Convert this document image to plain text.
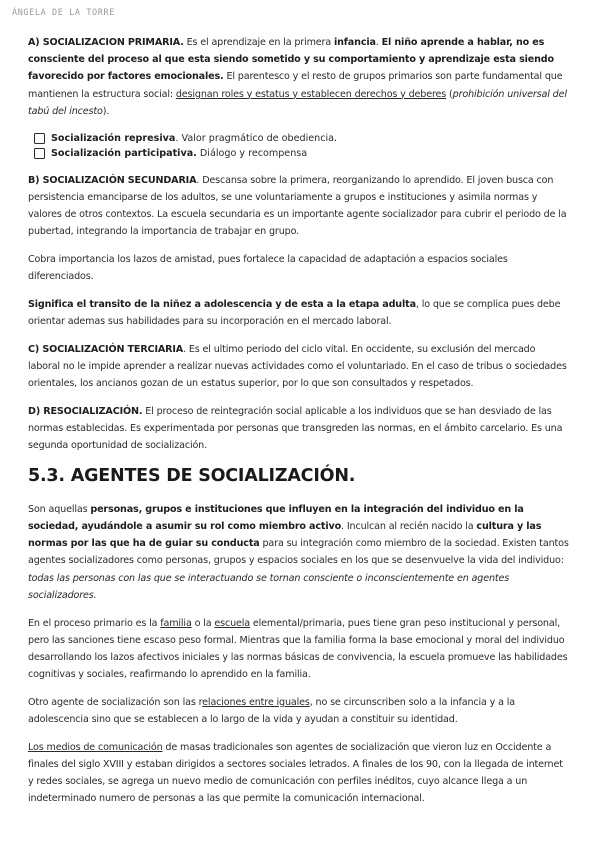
ÁNGELA DE LA TORRE

A) SOCIALIZACION PRIMARIA. Es el aprendizaje en la primera infancia. El niño aprende a hablar, no es consciente del proceso al que esta siendo sometido y su comportamiento y aprendizaje esta siendo favorecido por factores emocionales. El parentesco y el resto de grupos primarios son parte fundamental que mantienen la estructura social: designan roles y estatus y establecen derechos y deberes (prohibición universal del tabú del incesto).

Socialización represiva. Valor pragmático de obediencia.
Socialización participativa. Diálogo y recompensa

B) SOCIALIZACIÓN SECUNDARIA. Descansa sobre la primera, reorganizando lo aprendido. El joven busca con persistencia emanciparse de los adultos, se une voluntariamente a grupos e instituciones y asimila normas y valores de otros contextos. La escuela secundaria es un importante agente socializador para cubrir el periodo de la pubertad, integrando la importancia de trabajar en grupo.

Cobra importancia los lazos de amistad, pues fortalece la capacidad de adaptación a espacios sociales diferenciados.

Significa el transito de la niñez a adolescencia y de esta a la etapa adulta, lo que se complica pues debe orientar ademas sus habilidades para su incorporación en el mercado laboral.

C) SOCIALIZACIÓN TERCIARIA. Es el ultimo periodo del ciclo vital. En occidente, su exclusión del mercado laboral no le impide aprender a realizar nuevas actividades como el voluntariado. En el caso de tribus o sociedades orientales, los ancianos gozan de un estatus superior, por lo que son consultados y respetados.

D) RESOCIALIZACIÓN. El proceso de reintegración social aplicable a los individuos que se han desviado de las normas establecidas. Es experimentada por personas que transgreden las normas, en el ámbito carcelario. Es una segunda oportunidad de socialización.

5.3. AGENTES DE SOCIALIZACIÓN.

Son aquellas personas, grupos e instituciones que influyen en la integración del individuo en la sociedad, ayudándole a asumir su rol como miembro activo. Inculcan al recién nacido la cultura y las normas por las que ha de guiar su conducta para su integración como miembro de la sociedad. Existen tantos agentes socializadores como personas, grupos y espacios sociales en los que se desenvuelve la vida del individuo: todas las personas con las que se interactuando se tornan consciente o inconscientemente en agentes socializadores.

En el proceso primario es la familia o la escuela elemental/primaria, pues tiene gran peso institucional y personal, pero las sanciones tiene escaso peso formal. Mientras que la familia forma la base emocional y moral del individuo desarrollando los lazos afectivos iniciales y las normas básicas de convivencia, la escuela promueve las habilidades cognitivas y sociales, reafirmando lo aprendido en la familia.

Otro agente de socialización son las relaciones entre iguales, no se circunscriben solo a la infancia y a la adolescencia sino que se establecen a lo largo de la vida y ayudan a constituir su identidad.

Los medios de comunicación de masas tradicionales son agentes de socialización que vieron luz en Occidente a finales del siglo XVIII y estaban dirigidos a sectores sociales letrados. A finales de los 90, con la llegada de internet y redes sociales, se agrega un nuevo medio de comunicación con perfiles inéditos, cuyo alcance llega a un indeterminado numero de personas a las que permite la comunicación internacional.
